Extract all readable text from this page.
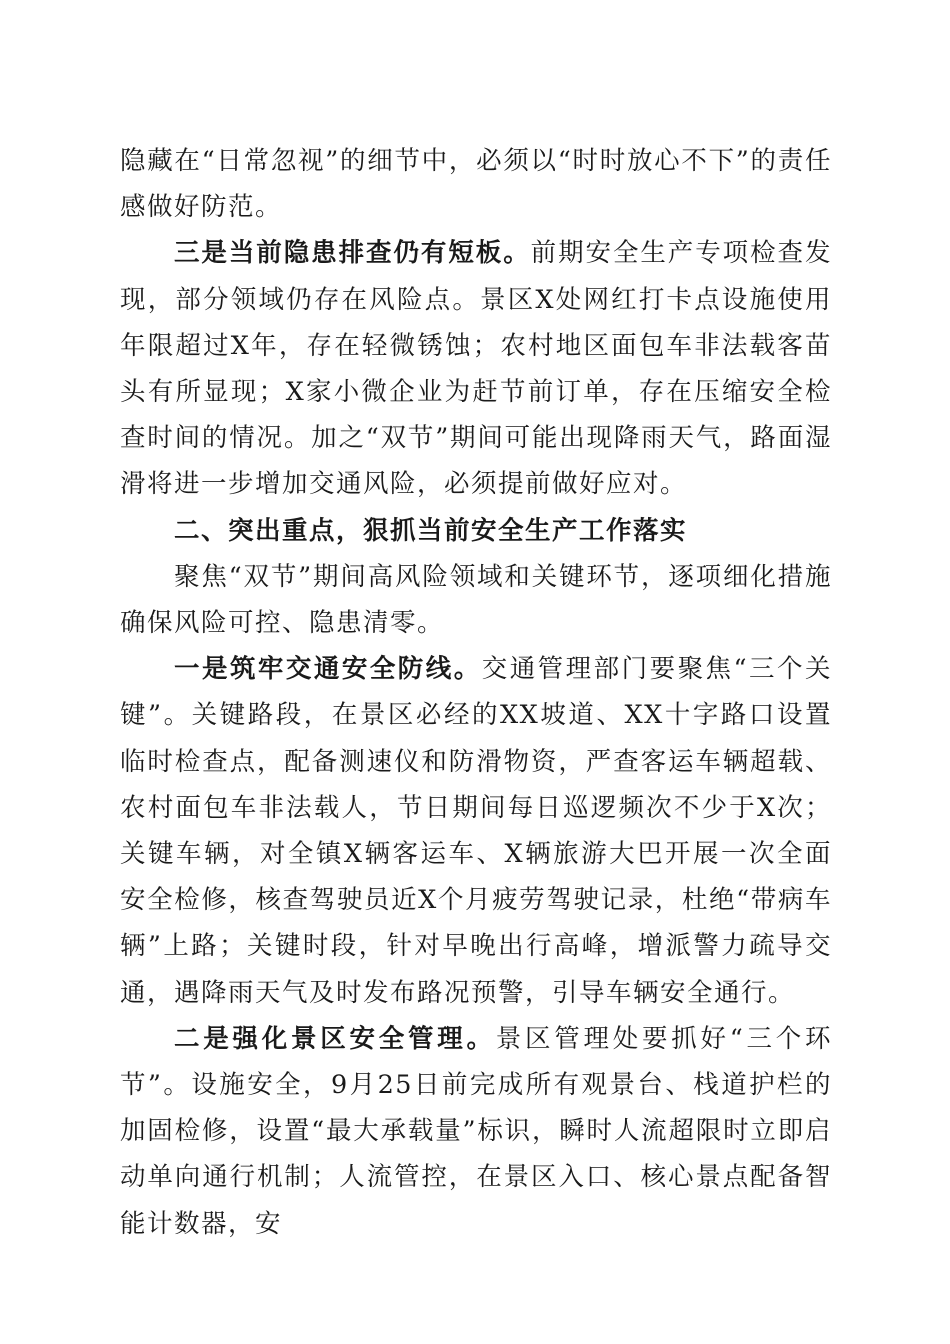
隐藏在“日常忽视”的细节中，必须以“时时放心不下”的责任感做好防范。

三是当前隐患排查仍有短板。前期安全生产专项检查发现，部分领域仍存在风险点。景区X处网红打卡点设施使用年限超过X年，存在轻微锈蚀；农村地区面包车非法载客苗头有所显现；X家小微企业为赶节前订单，存在压缩安全检查时间的情况。加之“双节”期间可能出现降雨天气，路面湿滑将进一步增加交通风险，必须提前做好应对。

二、突出重点，狠抓当前安全生产工作落实

聚焦“双节”期间高风险领域和关键环节，逐项细化措施确保风险可控、隐患清零。

一是筑牢交通安全防线。交通管理部门要聚焦“三个关键”。关键路段，在景区必经的XX坡道、XX十字路口设置临时检查点，配备测速仪和防滑物资，严查客运车辆超载、农村面包车非法载人，节日期间每日巡逻频次不少于X次；关键车辆，对全镇X辆客运车、X辆旅游大巴开展一次全面安全检修，核查驾驶员近X个月疲劳驾驶记录，杜绝“带病车辆”上路；关键时段，针对早晚出行高峰，增派警力疏导交通，遇降雨天气及时发布路况预警，引导车辆安全通行。

二是强化景区安全管理。景区管理处要抓好“三个环节”。设施安全，9月25日前完成所有观景台、栈道护栏的加固检修，设置“最大承载量”标识，瞬时人流超限时立即启动单向通行机制；人流管控，在景区入口、核心景点配备智能计数器，安
